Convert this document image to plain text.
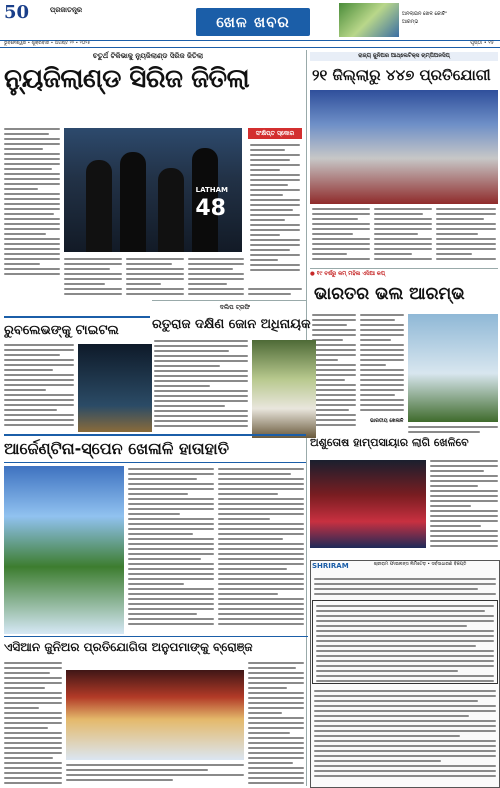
50	ପ୍ରଜାତନ୍ତ୍ର
ଖେଳ ଖବର	ଅନଲାଇନ ଖେଳ କୋଚିଂ ଆରମ୍ଭ
ଭୁବନେଶ୍ୱର • ଶୁକ୍ରବାର • ଅଗଷ୍ଟ ୨୨ • ୨୦୨୫	ପୃଷ୍ଠା • ୧୫
ଚତୁର୍ଥ ଟିକିଭାକୁ ନ୍ୟୁଜିଲାଣ୍ଡ ସିରିଜ ଜିତିଲା
ନ୍ୟୁଜିଲାଣ୍ଡ ସିରିଜ ଜିତିଲା
LATHAM
48
ସଂକ୍ଷିପ୍ତ ସ୍କୋର
ରାଜ୍ୟ ଜୁନିଅର ଆଥ୍ଲେଟିକ୍ସ ଚାମ୍ପିଅନସିପ୍
୨୧ ଜିଲ୍ଲାରୁ ୪୪୭ ପ୍ରତିଯୋଗୀ
● ୧୯ ବର୍ଷରୁ କମ୍ ମହିଳା ଏସିଆ କପ୍
ଭାରତର ଭଲ ଆରମ୍ଭ
ଭାରତୀୟ ଖେଳାଳି
ରୁବଲେଭଙ୍କୁ ଟାଇଟଲ
ଦଲିପ ଟ୍ରଫି
ରତୁରାଜ ଦକ୍ଷିଣ ଜୋନ ଅଧିନାୟକ
ଆର୍ଜେଣ୍ଟିନା-ସ୍ପେନ ଖେଳାଳି ହାତାହାତି	ଅଶୁତୋଷ ହାମ୍ପସାୟାର ଲାଗି ଖେଳିବେ
SHRIRAM	ଶ୍ରୀରାମ ଫାଇନାନ୍ସ ଲିମିଟେଡ଼ • ସର୍ବସାଧାରଣ ବିଜ୍ଞପ୍ତି
ଏସିଆନ ଜୁନିଅର ପ୍ରତିଯୋଗିତା ଅନୁପମାଙ୍କୁ ବ୍ରୋଞ୍ଜ
